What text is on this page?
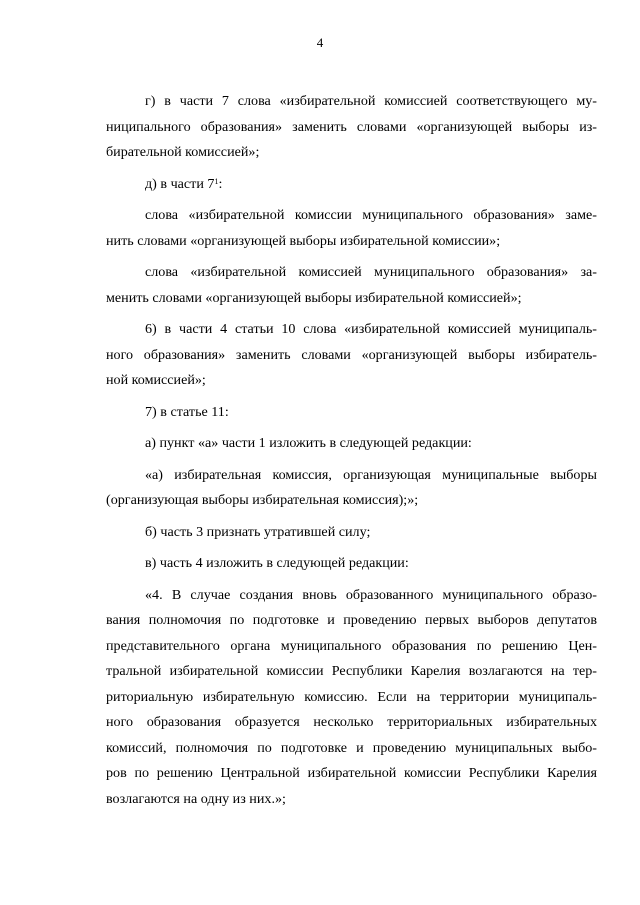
4
г) в части 7 слова «избирательной комиссией соответствующего му-
ниципального образования» заменить словами «организующей выборы из-
бирательной комиссией»;
д) в части $7^1$:
слова «избирательной комиссии муниципального образования» заме-
нить словами «организующей выборы избирательной комиссии»;
слова «избирательной комиссией муниципального образования» за-
менить словами «организующей выборы избирательной комиссией»;
6) в части 4 статьи 10 слова «избирательной комиссией муниципаль-
ного образования» заменить словами «организующей выборы избиратель-
ной комиссией»;
7) в статье 11:
а) пункт «а» части 1 изложить в следующей редакции:
«а) избирательная комиссия, организующая муниципальные выборы
(организующая выборы избирательная комиссия);»;
б) часть 3 признать утратившей силу;
в) часть 4 изложить в следующей редакции:
«4. В случае создания вновь образованного муниципального образо-
вания полномочия по подготовке и проведению первых выборов депутатов
представительного органа муниципального образования по решению Цен-
тральной избирательной комиссии Республики Карелия возлагаются на тер-
риториальную избирательную комиссию. Если на территории муниципаль-
ного образования образуется несколько территориальных избирательных
комиссий, полномочия по подготовке и проведению муниципальных выбо-
ров по решению Центральной избирательной комиссии Республики Карелия
возлагаются на одну из них.»;
